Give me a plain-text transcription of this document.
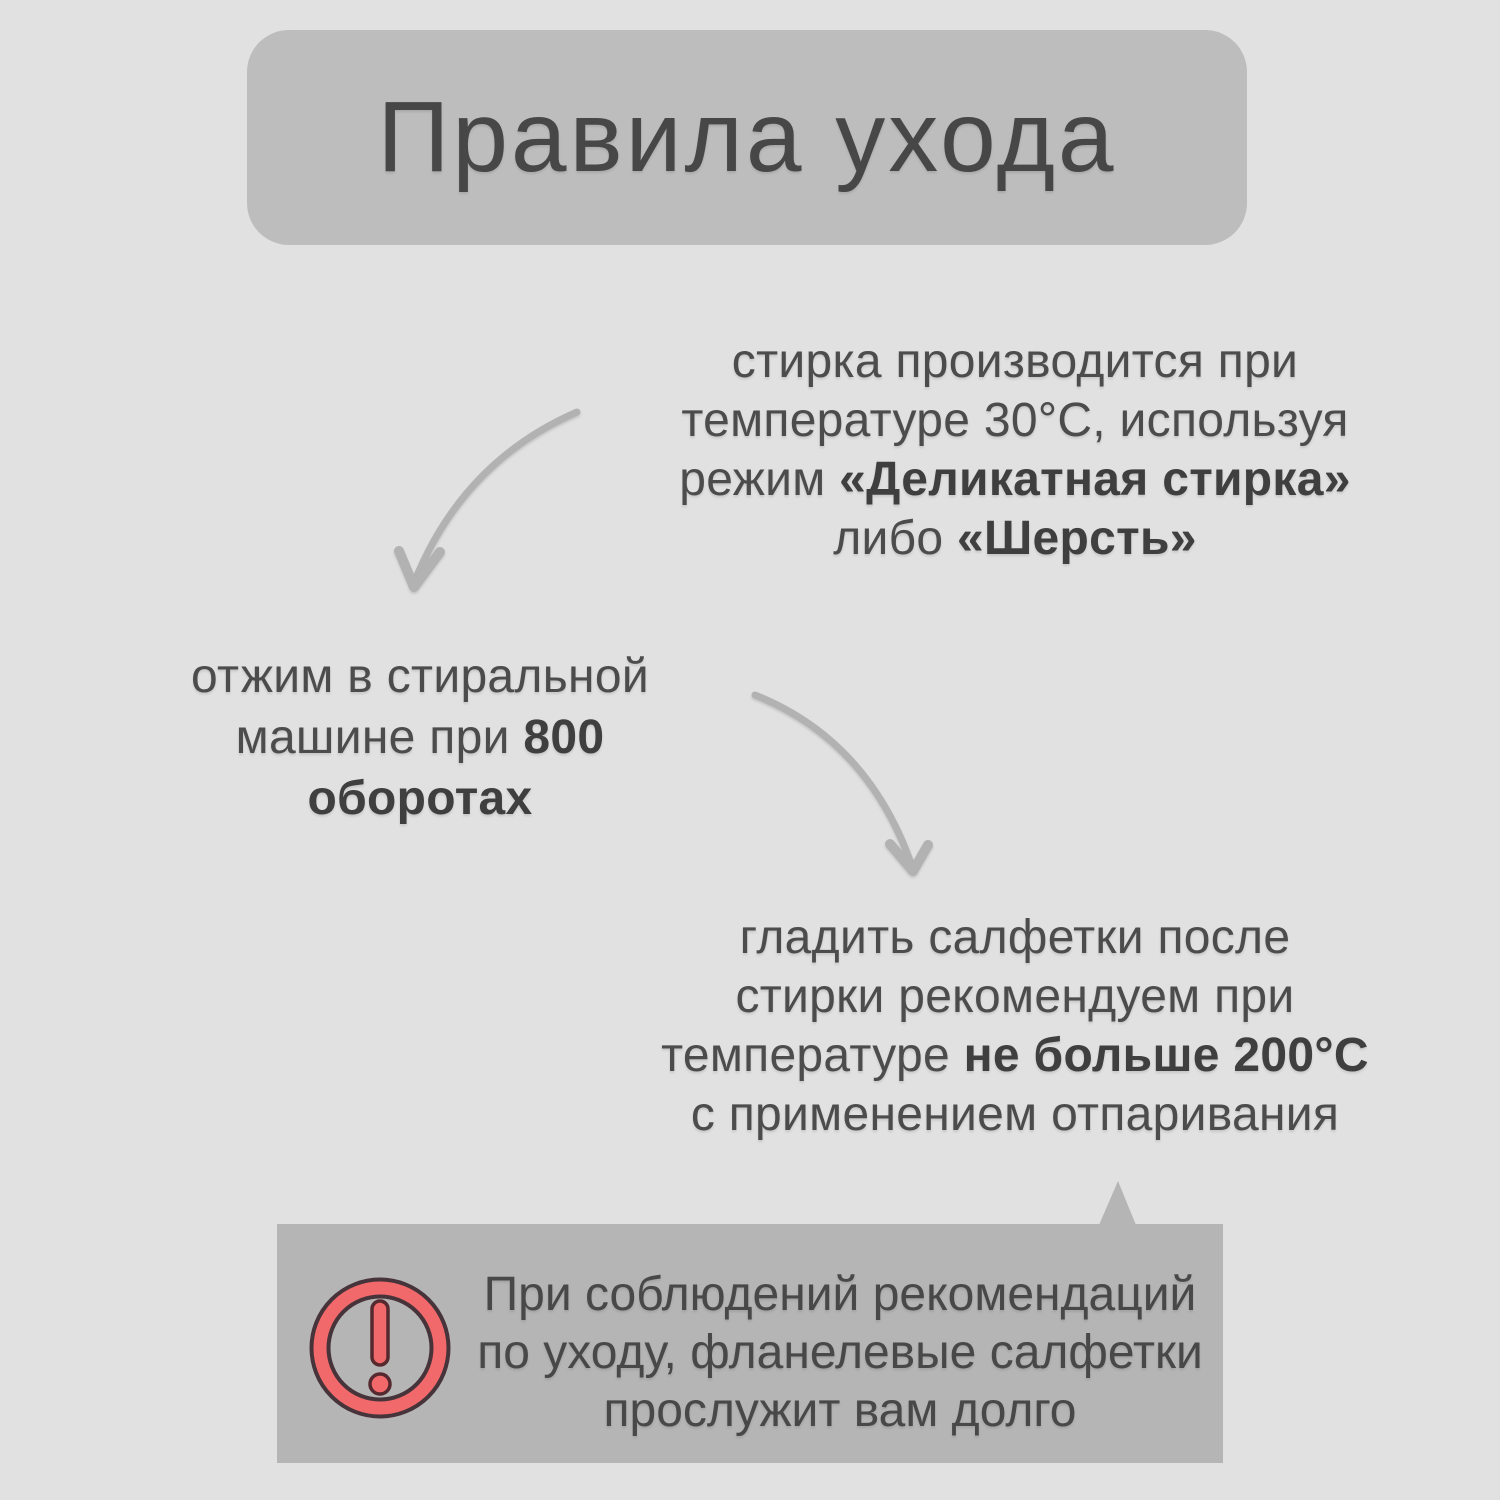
Правила ухода
стирка производится при
температуре 30°С, используя
режим «Деликатная стирка»
либо «Шерсть»
отжим в стиральной
машине при 800
оборотах
гладить салфетки после
стирки рекомендуем при
температуре не больше 200°С
с применением отпаривания
При соблюдений рекомендаций
по уходу, фланелевые салфетки
прослужит вам долго
